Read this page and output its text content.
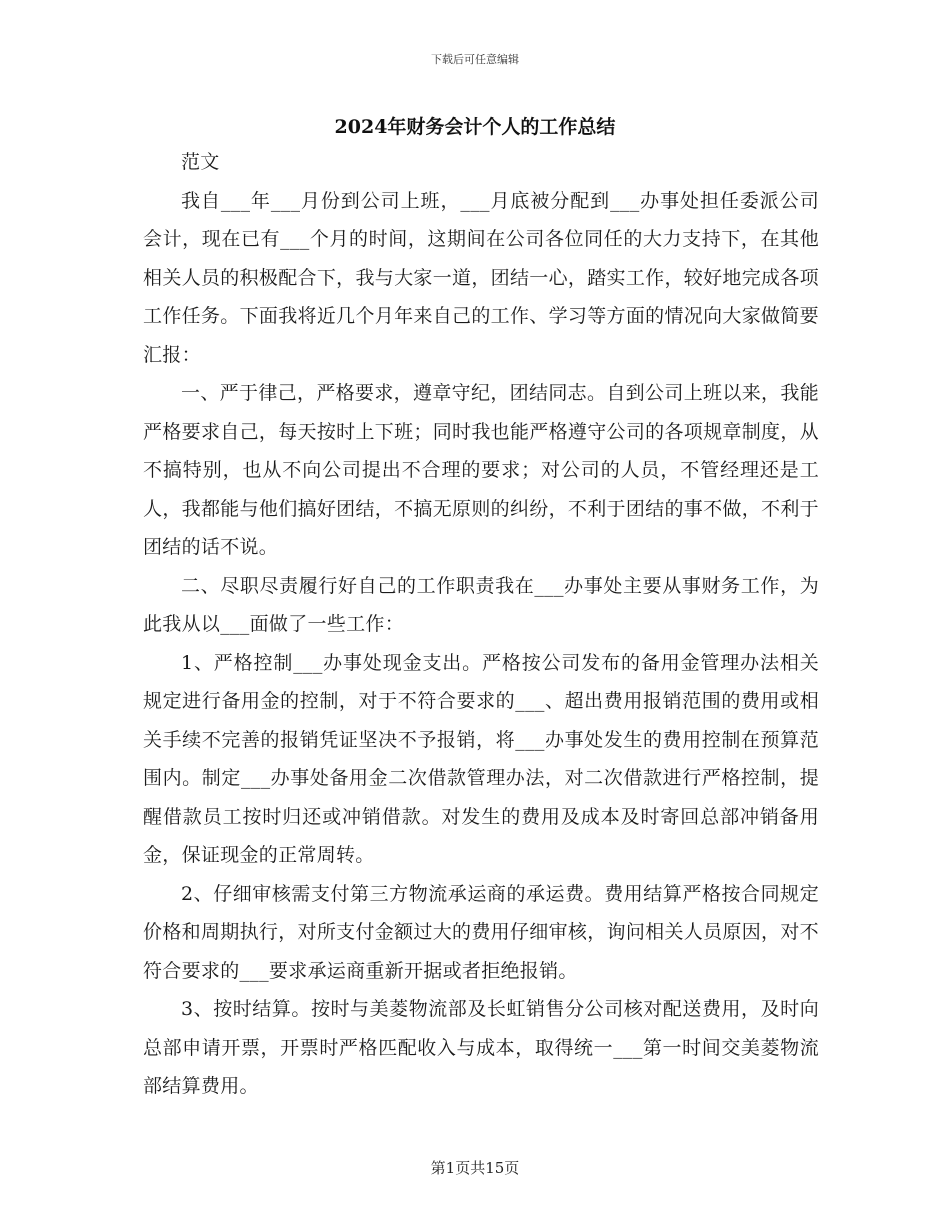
下载后可任意编辑
2024年财务会计个人的工作总结

范文

我自___年___月份到公司上班，___月底被分配到___办事处担任委派公司会计，现在已有___个月的时间，这期间在公司各位同任的大力支持下，在其他相关人员的积极配合下，我与大家一道，团结一心，踏实工作，较好地完成各项工作任务。下面我将近几个月年来自己的工作、学习等方面的情况向大家做简要汇报：

一、严于律己，严格要求，遵章守纪，团结同志。自到公司上班以来，我能严格要求自己，每天按时上下班；同时我也能严格遵守公司的各项规章制度，从不搞特别，也从不向公司提出不合理的要求；对公司的人员，不管经理还是工人，我都能与他们搞好团结，不搞无原则的纠纷，不利于团结的事不做，不利于团结的话不说。

二、尽职尽责履行好自己的工作职责我在___办事处主要从事财务工作，为此我从以___面做了一些工作：

1、严格控制___办事处现金支出。严格按公司发布的备用金管理办法相关规定进行备用金的控制，对于不符合要求的___、超出费用报销范围的费用或相关手续不完善的报销凭证坚决不予报销，将___办事处发生的费用控制在预算范围内。制定___办事处备用金二次借款管理办法，对二次借款进行严格控制，提醒借款员工按时归还或冲销借款。对发生的费用及成本及时寄回总部冲销备用金，保证现金的正常周转。

2、仔细审核需支付第三方物流承运商的承运费。费用结算严格按合同规定价格和周期执行，对所支付金额过大的费用仔细审核，询问相关人员原因，对不符合要求的___要求承运商重新开据或者拒绝报销。

3、按时结算。按时与美菱物流部及长虹销售分公司核对配送费用，及时向总部申请开票，开票时严格匹配收入与成本，取得统一___第一时间交美菱物流部结算费用。

第1页共15页
